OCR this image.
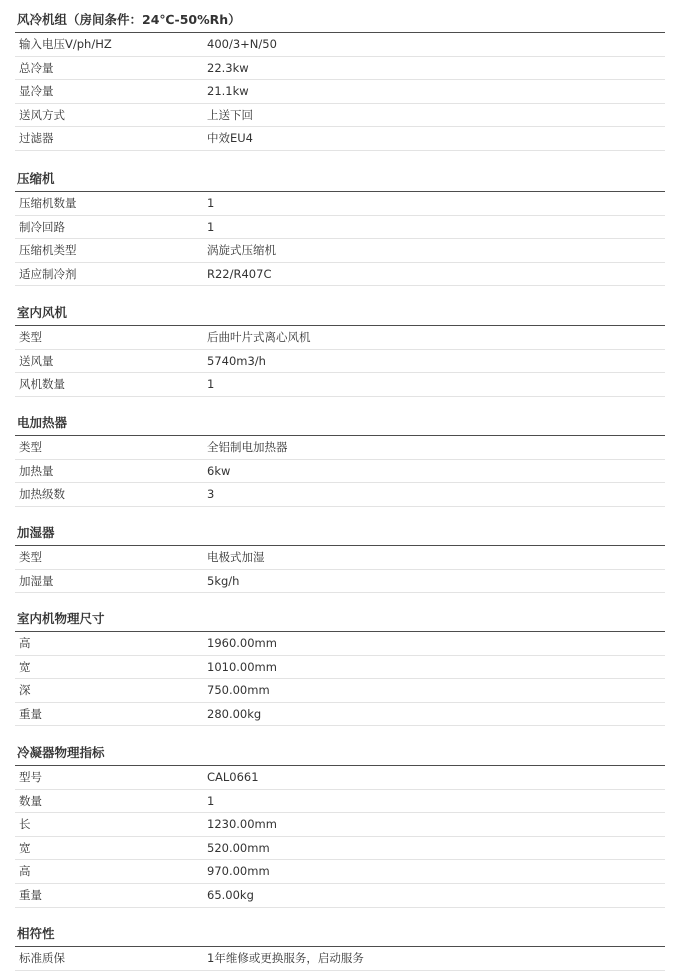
风冷机组（房间条件：24℃-50%Rh）
输入电压V/ph/HZ	400/3+N/50
总冷量	22.3kw
显冷量	21.1kw
送风方式	上送下回
过滤器	中效EU4
压缩机
压缩机数量	1
制冷回路	1
压缩机类型	涡旋式压缩机
适应制冷剂	R22/R407C
室内风机
类型	后曲叶片式离心风机
送风量	5740m3/h
风机数量	1
电加热器
类型	全铝制电加热器
加热量	6kw
加热级数	3
加湿器
类型	电极式加湿
加湿量	5kg/h
室内机物理尺寸
高	1960.00mm
宽	1010.00mm
深	750.00mm
重量	280.00kg
冷凝器物理指标
型号	CAL0661
数量	1
长	1230.00mm
宽	520.00mm
高	970.00mm
重量	65.00kg
相符性
标准质保	1年维修或更换服务，启动服务
